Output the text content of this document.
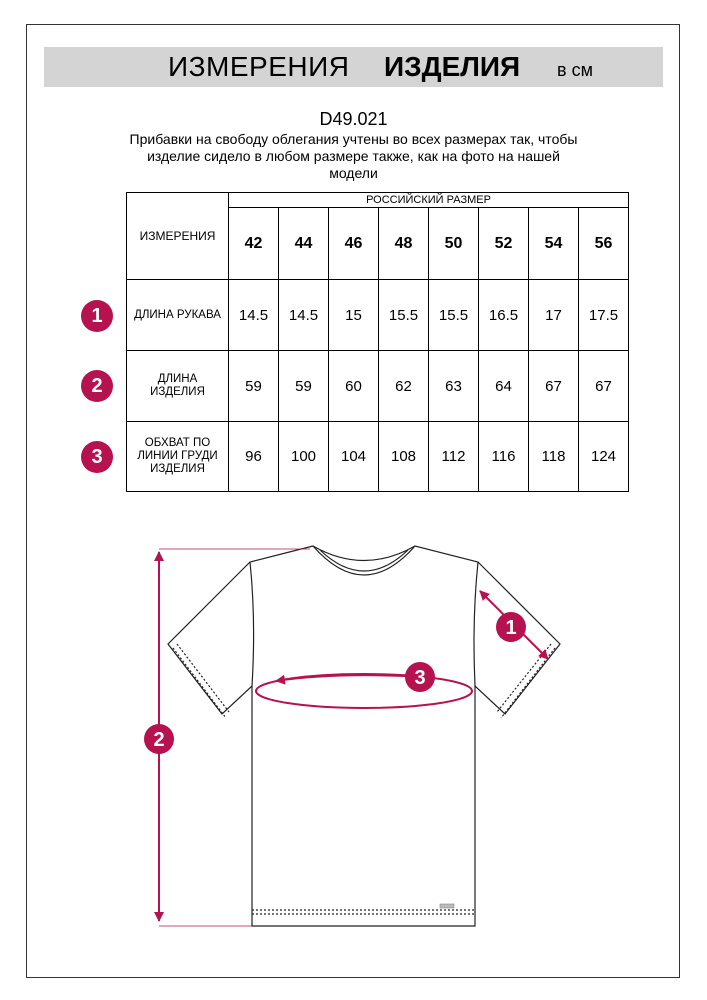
ИЗМЕРЕНИЯ ИЗДЕЛИЯ в см
D49.021
Прибавки на свободу облегания учтены во всех размерах так, чтобы
изделие сидело в любом размере также, как на фото на нашей
модели
ИЗМЕРЕНИЯ	РОССИЙСКИЙ РАЗМЕР							
	42	44	46	48	50	52	54	56

ДЛИНА РУКАВА	14.5	14.5	15	15.5	15.5	16.5	17	17.5

ДЛИНА
ИЗДЕЛИЯ	59	59	60	62	63	64	67	67

ОБХВАТ ПО
ЛИНИИ ГРУДИ
ИЗДЕЛИЯ	96	100	104	108	112	116	118	124
1
2
3
1
2
3
